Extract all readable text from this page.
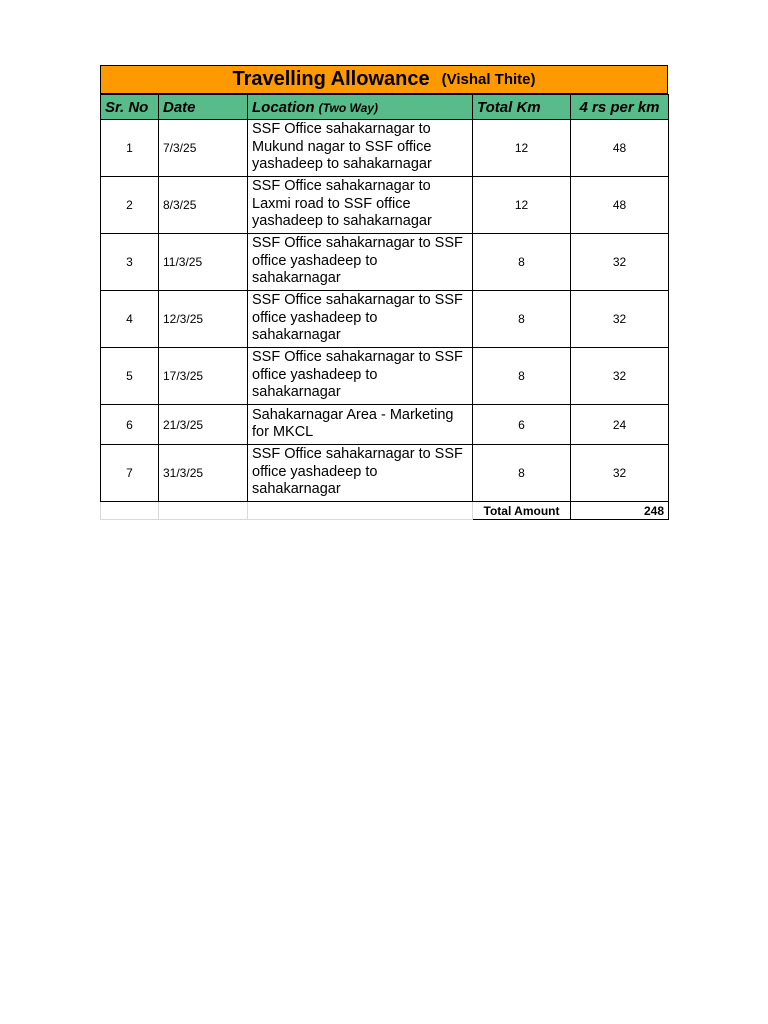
Travelling Allowance (Vishal Thite)
Sr. No	Date	Location (Two Way)	Total Km	4 rs per km
1	7/3/25	SSF Office sahakarnagar to Mukund nagar to SSF office yashadeep to sahakarnagar	12	48
2	8/3/25	SSF Office sahakarnagar to Laxmi road to SSF office yashadeep to sahakarnagar	12	48
3	11/3/25	SSF Office sahakarnagar to SSF office yashadeep to sahakarnagar	8	32
4	12/3/25	SSF Office sahakarnagar to SSF office yashadeep to sahakarnagar	8	32
5	17/3/25	SSF Office sahakarnagar to SSF office yashadeep to sahakarnagar	8	32
6	21/3/25	Sahakarnagar Area - Marketing for MKCL	6	24
7	31/3/25	SSF Office sahakarnagar to SSF office yashadeep to sahakarnagar	8	32
			Total Amount	248
